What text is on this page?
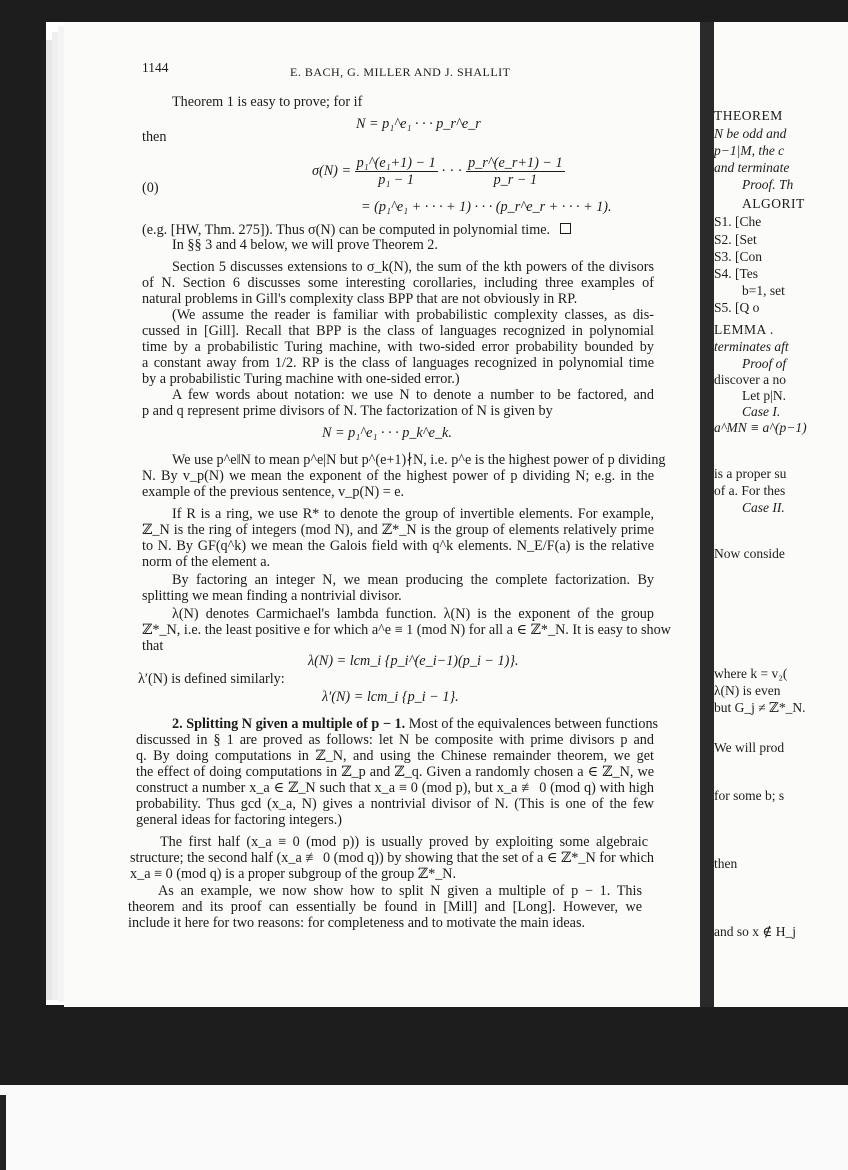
1144	E. BACH, G. MILLER AND J. SHALLIT
Theorem 1 is easy to prove; for if
N = p₁^e₁ · · · p_r^e_r
then
$\sigma(N) = \frac{\text{p₁\textasciicircum{}(e₁+1) − 1}}{\text{p₁ − 1}}$ · · · $\frac{p\_r\^{}(e\_r+1) - 1}{p\_r - 1}$
(0)
= (p₁^e₁ + · · · + 1) · · · (p_r^e_r + · · · + 1).
(e.g. [HW, Thm. 275]). Thus σ(N) can be computed in polynomial time.
In §§ 3 and 4 below, we will prove Theorem 2.
Section 5 discusses extensions to σ_k(N), the sum of the kth powers of the divisors
of N. Section 6 discusses some interesting corollaries, including three examples of
natural problems in Gill's complexity class BPP that are not obviously in RP.
(We assume the reader is familiar with probabilistic complexity classes, as dis-
cussed in [Gill]. Recall that BPP is the class of languages recognized in polynomial
time by a probabilistic Turing machine, with two-sided error probability bounded by
a constant away from 1/2. RP is the class of languages recognized in polynomial time
by a probabilistic Turing machine with one-sided error.)
A few words about notation: we use N to denote a number to be factored, and
p and q represent prime divisors of N. The factorization of N is given by
N = p₁^e₁ · · · p_k^e_k.
We use p^e‖N to mean p^e|N but p^(e+1)∤N, i.e. p^e is the highest power of p dividing
N. By v_p(N) we mean the exponent of the highest power of p dividing N; e.g. in the
example of the previous sentence, v_p(N) = e.
If R is a ring, we use R* to denote the group of invertible elements. For example,
ℤ_N is the ring of integers (mod N), and ℤ*_N is the group of elements relatively prime
to N. By GF(q^k) we mean the Galois field with q^k elements. N_E/F(a) is the relative
norm of the element a.
By factoring an integer N, we mean producing the complete factorization. By
splitting we mean finding a nontrivial divisor.
λ(N) denotes Carmichael's lambda function. λ(N) is the exponent of the group
ℤ*_N, i.e. the least positive e for which a^e ≡ 1 (mod N) for all a ∈ ℤ*_N. It is easy to show
that
λ(N) = lcm_i {p_i^(e_i−1)(p_i − 1)}.
λ′(N) is defined similarly:
λ′(N) = lcm_i {p_i − 1}.
2. Splitting N given a multiple of p − 1. Most of the equivalences between functions
discussed in § 1 are proved as follows: let N be composite with prime divisors p and
q. By doing computations in ℤ_N, and using the Chinese remainder theorem, we get
the effect of doing computations in ℤ_p and ℤ_q. Given a randomly chosen a ∈ ℤ_N, we
construct a number x_a ∈ ℤ_N such that x_a ≡ 0 (mod p), but x_a ≢ 0 (mod q) with high
probability. Thus gcd (x_a, N) gives a nontrivial divisor of N. (This is one of the few
general ideas for factoring integers.)
The first half (x_a ≡ 0 (mod p)) is usually proved by exploiting some algebraic
structure; the second half (x_a ≢ 0 (mod q)) by showing that the set of a ∈ ℤ*_N for which
x_a ≡ 0 (mod q) is a proper subgroup of the group ℤ*_N.
As an example, we now show how to split N given a multiple of p − 1. This
theorem and its proof can essentially be found in [Mill] and [Long]. However, we
include it here for two reasons: for completeness and to motivate the main ideas.
THEOREM
N be odd and
p−1|M, the c
and terminate
Proof. Th
ALGORIT
S1. [Che
S2. [Set
S3. [Con
S4. [Tes
b=1, set
S5. [Q o
LEMMA .
terminates aft
Proof of
discover a no
Let p|N.
Case I.
a^MN ≡ a^(p−1)
is a proper su
of a. For thes
Case II.
Now conside
where k = v₂(
λ(N) is even
but G_j ≠ ℤ*_N.
We will prod
for some b; s
then
and so x ∉ H_j
